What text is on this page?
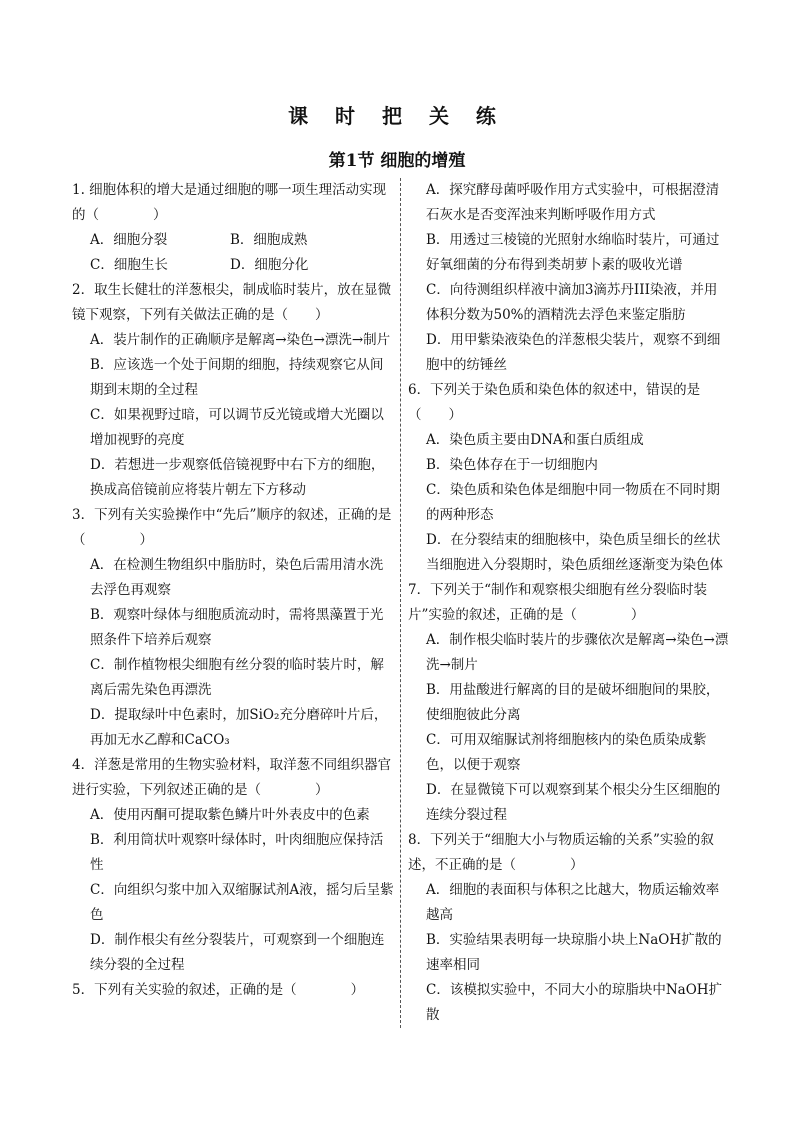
课 时 把 关 练
第1节 细胞的增殖

1. 细胞体积的增大是通过细胞的哪一项生理活动实现的（　　　　）

A．细胞分裂	B．细胞成熟
C．细胞生长	D．细胞分化

2．取生长健壮的洋葱根尖，制成临时装片，放在显微镜下观察，下列有关做法正确的是（　　）

A．装片制作的正确顺序是解离→染色→漂洗→制片

B．应该选一个处于间期的细胞，持续观察它从间期到末期的全过程

C．如果视野过暗，可以调节反光镜或增大光圈以增加视野的亮度

D．若想进一步观察低倍镜视野中右下方的细胞，换成高倍镜前应将装片朝左下方移动

3．下列有关实验操作中“先后”顺序的叙述，正确的是（　　　　）

A．在检测生物组织中脂肪时，染色后需用清水洗去浮色再观察

B．观察叶绿体与细胞质流动时，需将黑藻置于光照条件下培养后观察

C．制作植物根尖细胞有丝分裂的临时装片时，解离后需先染色再漂洗

D．提取绿叶中色素时，加SiO₂充分磨碎叶片后，再加无水乙醇和CaCO₃

4．洋葱是常用的生物实验材料，取洋葱不同组织器官进行实验，下列叙述正确的是（　　　　）

A．使用丙酮可提取紫色鳞片叶外表皮中的色素

B．利用筒状叶观察叶绿体时，叶肉细胞应保持活性

C．向组织匀浆中加入双缩脲试剂A液，摇匀后呈紫色

D．制作根尖有丝分裂装片，可观察到一个细胞连续分裂的全过程

5．下列有关实验的叙述，正确的是（　　　　）

A．探究酵母菌呼吸作用方式实验中，可根据澄清石灰水是否变浑浊来判断呼吸作用方式

B．用透过三棱镜的光照射水绵临时装片，可通过好氧细菌的分布得到类胡萝卜素的吸收光谱

C．向待测组织样液中滴加3滴苏丹III染液，并用体积分数为50%的酒精洗去浮色来鉴定脂肪

D．用甲紫染液染色的洋葱根尖装片，观察不到细胞中的纺锤丝

6．下列关于染色质和染色体的叙述中，错误的是（　　）

A．染色质主要由DNA和蛋白质组成

B．染色体存在于一切细胞内

C．染色质和染色体是细胞中同一物质在不同时期的两种形态

D．在分裂结束的细胞核中，染色质呈细长的丝状当细胞进入分裂期时，染色质细丝逐渐变为染色体

7．下列关于“制作和观察根尖细胞有丝分裂临时装片”实验的叙述，正确的是（　　　　）

A．制作根尖临时装片的步骤依次是解离→染色→漂洗→制片

B．用盐酸进行解离的目的是破坏细胞间的果胶，使细胞彼此分离

C．可用双缩脲试剂将细胞核内的染色质染成紫色，以便于观察

D．在显微镜下可以观察到某个根尖分生区细胞的连续分裂过程

8．下列关于“细胞大小与物质运输的关系”实验的叙述，不正确的是（　　　　）

A．细胞的表面积与体积之比越大，物质运输效率越高

B．实验结果表明每一块琼脂小块上NaOH扩散的速率相同

C．该模拟实验中，不同大小的琼脂块中NaOH扩散
